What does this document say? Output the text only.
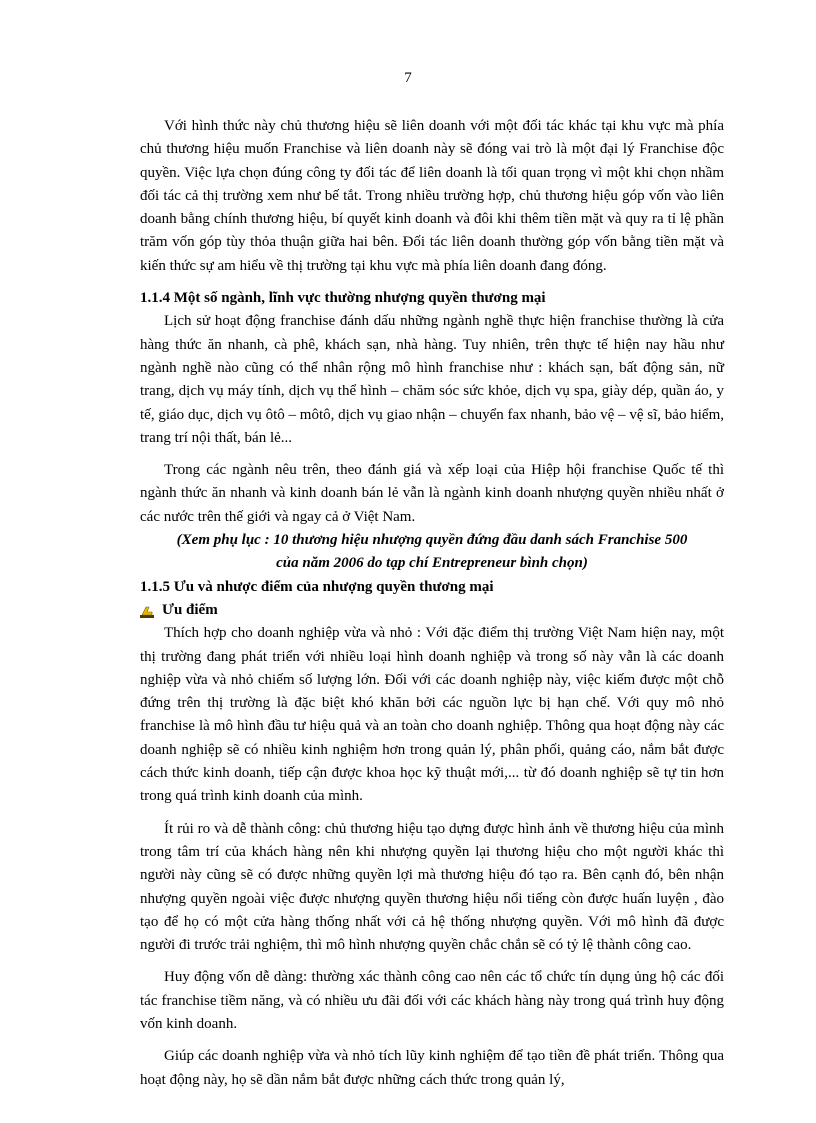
7

Với hình thức này chủ thương hiệu sẽ liên doanh với một đối tác khác tại khu vực mà phía chủ thương hiệu muốn Franchise và liên doanh này sẽ đóng vai trò là một đại lý Franchise độc quyền. Việc lựa chọn đúng công ty đối tác để liên doanh là tối quan trọng vì một khi chọn nhầm đối tác cả thị trường xem như bế tắt. Trong nhiều trường hợp, chủ thương hiệu góp vốn vào liên doanh bằng chính thương hiệu, bí quyết kinh doanh và đôi khi thêm tiền mặt và quy ra tỉ lệ phần trăm vốn góp tùy thỏa thuận giữa hai bên. Đối tác liên doanh thường góp vốn bằng tiền mặt và kiến thức sự am hiểu về thị trường tại khu vực mà phía liên doanh đang đóng.

1.1.4 Một số ngành, lĩnh vực thường nhượng quyền thương mại

Lịch sử hoạt động franchise đánh dấu những ngành nghề thực hiện franchise thường là cửa hàng thức ăn nhanh, cà phê, khách sạn, nhà hàng. Tuy nhiên, trên thực tế hiện nay hầu như ngành nghề nào cũng có thể nhân rộng mô hình franchise như : khách sạn, bất động sản, nữ trang, dịch vụ máy tính, dịch vụ thể hình – chăm sóc sức khỏe, dịch vụ spa, giày dép, quần áo, y tế, giáo dục, dịch vụ ôtô – môtô, dịch vụ giao nhận – chuyển fax nhanh, bảo vệ – vệ sĩ, bảo hiểm, trang trí nội thất, bán lẻ...

Trong các ngành nêu trên, theo đánh giá và xếp loại của Hiệp hội franchise Quốc tế thì ngành thức ăn nhanh và kinh doanh bán lẻ vẫn là ngành kinh doanh nhượng quyền nhiều nhất ở các nước trên thế giới và ngay cả ở Việt Nam.

(Xem phụ lục : 10 thương hiệu nhượng quyền đứng đầu danh sách Franchise 500 của năm 2006 do tạp chí Entrepreneur bình chọn)

1.1.5 Ưu và nhược điểm của nhượng quyền thương mại
Ưu điểm

Thích hợp cho doanh nghiệp vừa và nhỏ : Với đặc điểm thị trường Việt Nam hiện nay, một thị trường đang phát triển với nhiều loại hình doanh nghiệp và trong số này vẫn là các doanh nghiệp vừa và nhỏ chiếm số lượng lớn. Đối với các doanh nghiệp này, việc kiếm được một chỗ đứng trên thị trường là đặc biệt khó khăn bởi các nguồn lực bị hạn chế. Với quy mô nhỏ franchise là mô hình đầu tư hiệu quả và an toàn cho doanh nghiệp. Thông qua hoạt động này các doanh nghiệp sẽ có nhiều kinh nghiệm hơn trong quản lý, phân phối, quảng cáo, nắm bắt được cách thức kinh doanh, tiếp cận được khoa học kỹ thuật mới,... từ đó doanh nghiệp sẽ tự tin hơn trong quá trình kinh doanh của mình.

Ít rủi ro và dễ thành công: chủ thương hiệu tạo dựng được hình ảnh về thương hiệu của mình trong tâm trí của khách hàng nên khi nhượng quyền lại thương hiệu cho một người khác thì người này cũng sẽ có được những quyền lợi mà thương hiệu đó tạo ra. Bên cạnh đó, bên nhận nhượng quyền ngoài việc được nhượng quyền thương hiệu nổi tiếng còn được huấn luyện , đào tạo để họ có một cửa hàng thống nhất với cả hệ thống nhượng quyền. Với mô hình đã được người đi trước trải nghiệm, thì mô hình nhượng quyền chắc chắn sẽ có tỷ lệ thành công cao.

Huy động vốn dễ dàng: thường xác thành công cao nên các tổ chức tín dụng ủng hộ các đối tác franchise tiềm năng, và có nhiều ưu đãi đối với các khách hàng này trong quá trình huy động vốn kinh doanh.

Giúp các doanh nghiệp vừa và nhỏ tích lũy kinh nghiệm để tạo tiền đề phát triển. Thông qua hoạt động này, họ sẽ dần nắm bắt được những cách thức trong quản lý,
